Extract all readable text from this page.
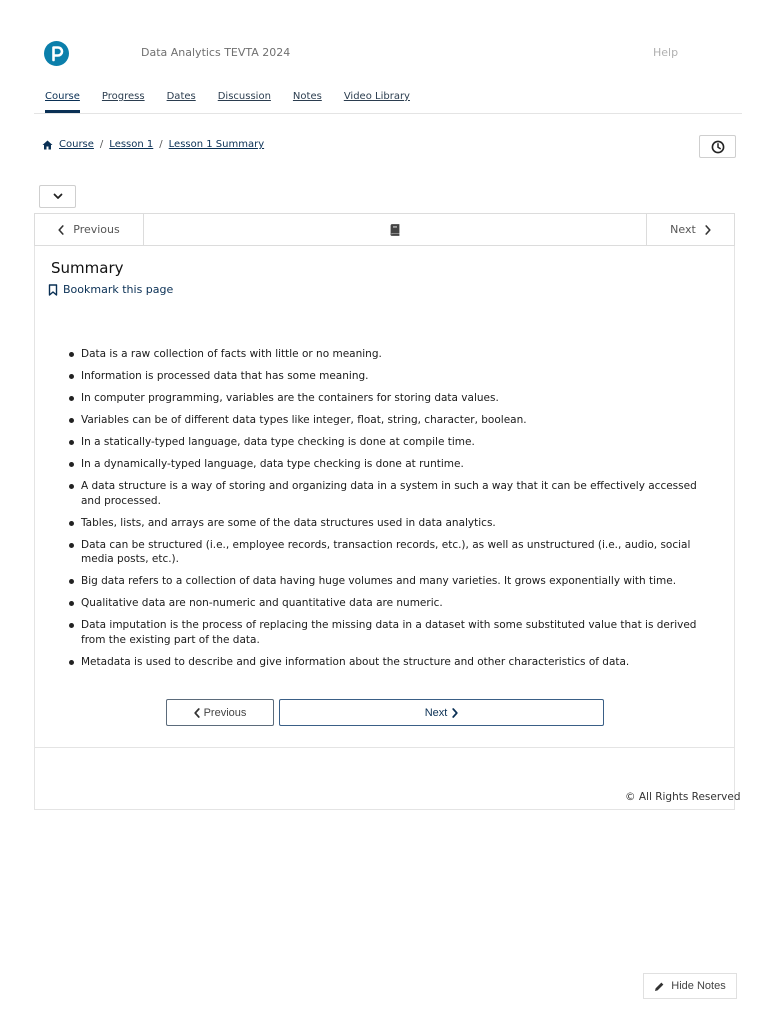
Data Analytics TEVTA 2024	Help
Course Progress Dates Discussion Notes Video Library
Course / Lesson 1 / Lesson 1 Summary
Previous	Next
Summary
Bookmark this page
Data is a raw collection of facts with little or no meaning.
Information is processed data that has some meaning.
In computer programming, variables are the containers for storing data values.
Variables can be of different data types like integer, float, string, character, boolean.
In a statically-typed language, data type checking is done at compile time.
In a dynamically-typed language, data type checking is done at runtime.
A data structure is a way of storing and organizing data in a system in such a way that it can be effectively accessed and processed.
Tables, lists, and arrays are some of the data structures used in data analytics.
Data can be structured (i.e., employee records, transaction records, etc.), as well as unstructured (i.e., audio, social media posts, etc.).
Big data refers to a collection of data having huge volumes and many varieties. It grows exponentially with time.
Qualitative data are non-numeric and quantitative data are numeric.
Data imputation is the process of replacing the missing data in a dataset with some substituted value that is derived from the existing part of the data.
Metadata is used to describe and give information about the structure and other characteristics of data.
Previous	Next
© All Rights Reserved
Hide Notes
